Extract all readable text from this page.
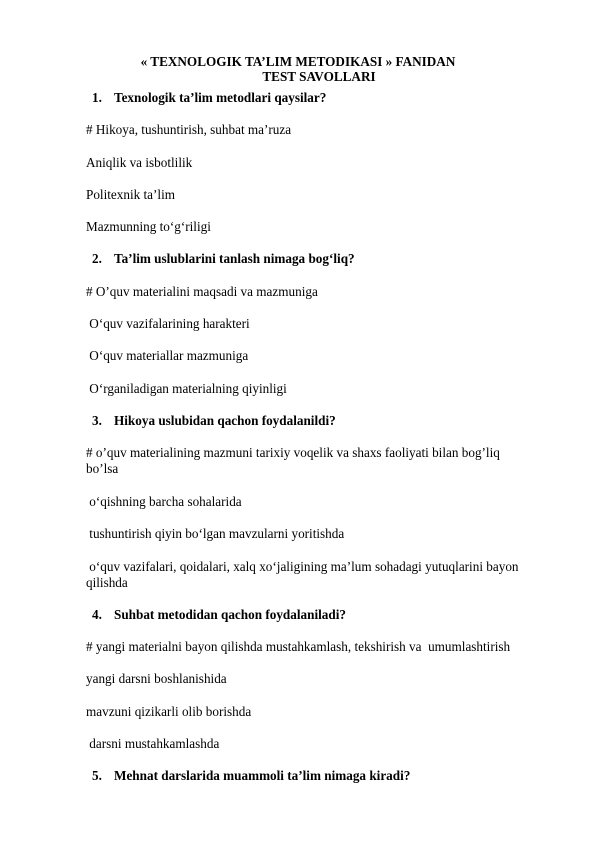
« TEXNOLOGIK TA’LIM METODIKASI » FANIDAN
TEST SAVOLLARI
1. Texnologik ta’lim metodlari qaysilar?
# Hikoya, tushuntirish, suhbat ma’ruza
Aniqlik va isbotlilik
Politexnik ta’lim
Mazmunning to‘g‘riligi
2. Ta’lim uslublarini tanlash nimaga bog‘liq?
# O’quv materialini maqsadi va mazmuniga
O‘quv vazifalarining harakteri
O‘quv materiallar mazmuniga
O‘rganiladigan materialning qiyinligi
3. Hikoya uslubidan qachon foydalanildi?
# o’quv materialining mazmuni tarixiy voqelik va shaxs faoliyati bilan bog’liq bo’lsa
o‘qishning barcha sohalarida
tushuntirish qiyin bo‘lgan mavzularni yoritishda
o‘quv vazifalari, qoidalari, xalq xo‘jaligining ma’lum sohadagi yutuqlarini bayon qilishda
4. Suhbat metodidan qachon foydalaniladi?
# yangi materialni bayon qilishda mustahkamlash, tekshirish va  umumlashtirish
yangi darsni boshlanishida
mavzuni qizikarli olib borishda
darsni mustahkamlashda
5. Mehnat darslarida muammoli ta’lim nimaga kiradi?
